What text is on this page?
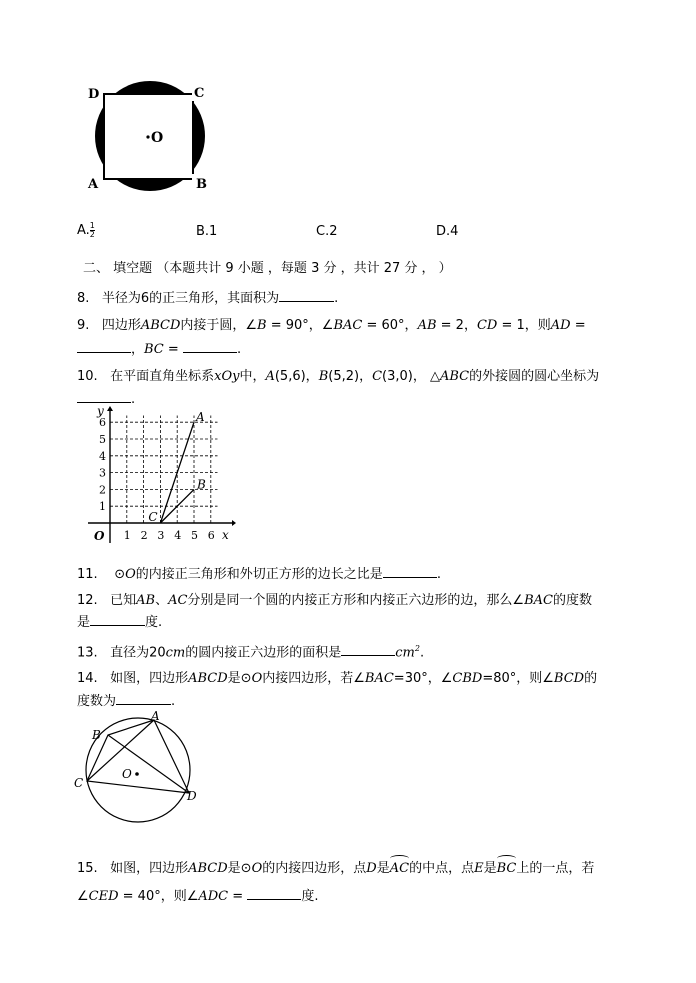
D	C
A	B
O
A. $\frac{1}{2}$	B.1	C.2	D.4
二、 填空题 （本题共计 9 小题 ，每题 3 分 ，共计 27 分 ， ）
8. 半径为6的正三角形，其面积为	.
9. 四边形ABCD内接于圆，∠B = 90°，∠BAC = 60°，AB = 2，CD = 1，则AD =
，BC =	.
10. 在平面直角坐标系xOy中，A(5,6)，B(5,2)，C(3,0)， △ABC的外接圆的圆心坐标为
.
1 2 3 4 5 6
1
2
3
4
5
6
O	x
y	A
B
C
11. ⊙O的内接正三角形和外切正方形的边长之比是	.
12. 已知AB、AC分别是同一个圆的内接正方形和内接正六边形的边，那么∠BAC的度数
是	度.
13. 直径为20cm的圆内接正六边形的面积是	$cm^2$.
14. 如图，四边形ABCD是⊙O内接四边形，若∠BAC=30°，∠CBD=80°，则∠BCD的
度数为	.
A
B
C
D
O
15. 如图，四边形ABCD是⊙O的内接四边形，点D是
AC的中点，点E是
BC上的一点，若
∠CED = 40°，则∠ADC =	度.
